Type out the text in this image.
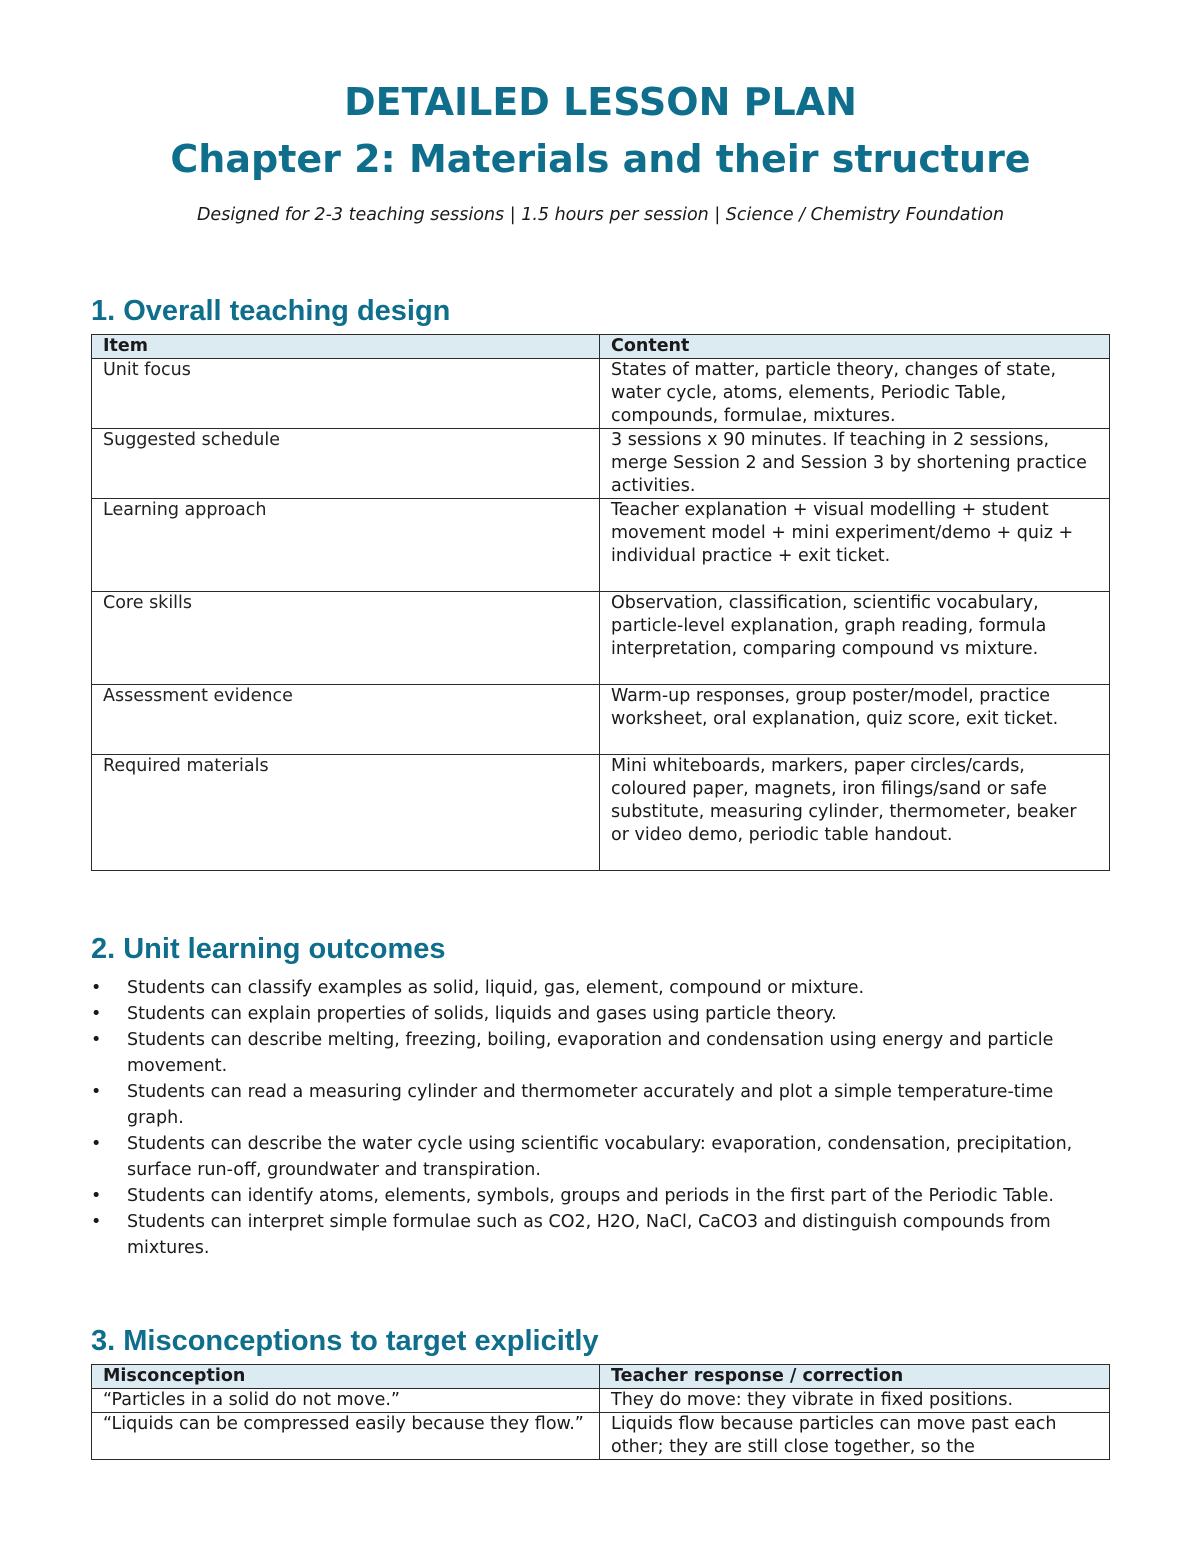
DETAILED LESSON PLAN
Chapter 2: Materials and their structure
Designed for 2-3 teaching sessions | 1.5 hours per session | Science / Chemistry Foundation
1. Overall teaching design
Item	Content
Unit focus	States of matter, particle theory, changes of state, water cycle, atoms, elements, Periodic Table, compounds, formulae, mixtures.
Suggested schedule	3 sessions x 90 minutes. If teaching in 2 sessions, merge Session 2 and Session 3 by shortening practice activities.
Learning approach	Teacher explanation + visual modelling + student movement model + mini experiment/demo + quiz + individual practice + exit ticket.
Core skills	Observation, classification, scientific vocabulary, particle-level explanation, graph reading, formula interpretation, comparing compound vs mixture.
Assessment evidence	Warm-up responses, group poster/model, practice worksheet, oral explanation, quiz score, exit ticket.
Required materials	Mini whiteboards, markers, paper circles/cards, coloured paper, magnets, iron filings/sand or safe substitute, measuring cylinder, thermometer, beaker or video demo, periodic table handout.
2. Unit learning outcomes
• Students can classify examples as solid, liquid, gas, element, compound or mixture.
• Students can explain properties of solids, liquids and gases using particle theory.
• Students can describe melting, freezing, boiling, evaporation and condensation using energy and particle movement.
• Students can read a measuring cylinder and thermometer accurately and plot a simple temperature-time graph.
• Students can describe the water cycle using scientific vocabulary: evaporation, condensation, precipitation, surface run-off, groundwater and transpiration.
• Students can identify atoms, elements, symbols, groups and periods in the first part of the Periodic Table.
• Students can interpret simple formulae such as CO2, H2O, NaCl, CaCO3 and distinguish compounds from mixtures.
3. Misconceptions to target explicitly
Misconception	Teacher response / correction
“Particles in a solid do not move.”	They do move: they vibrate in fixed positions.
“Liquids can be compressed easily because they flow.”	Liquids flow because particles can move past each other; they are still close together, so the
